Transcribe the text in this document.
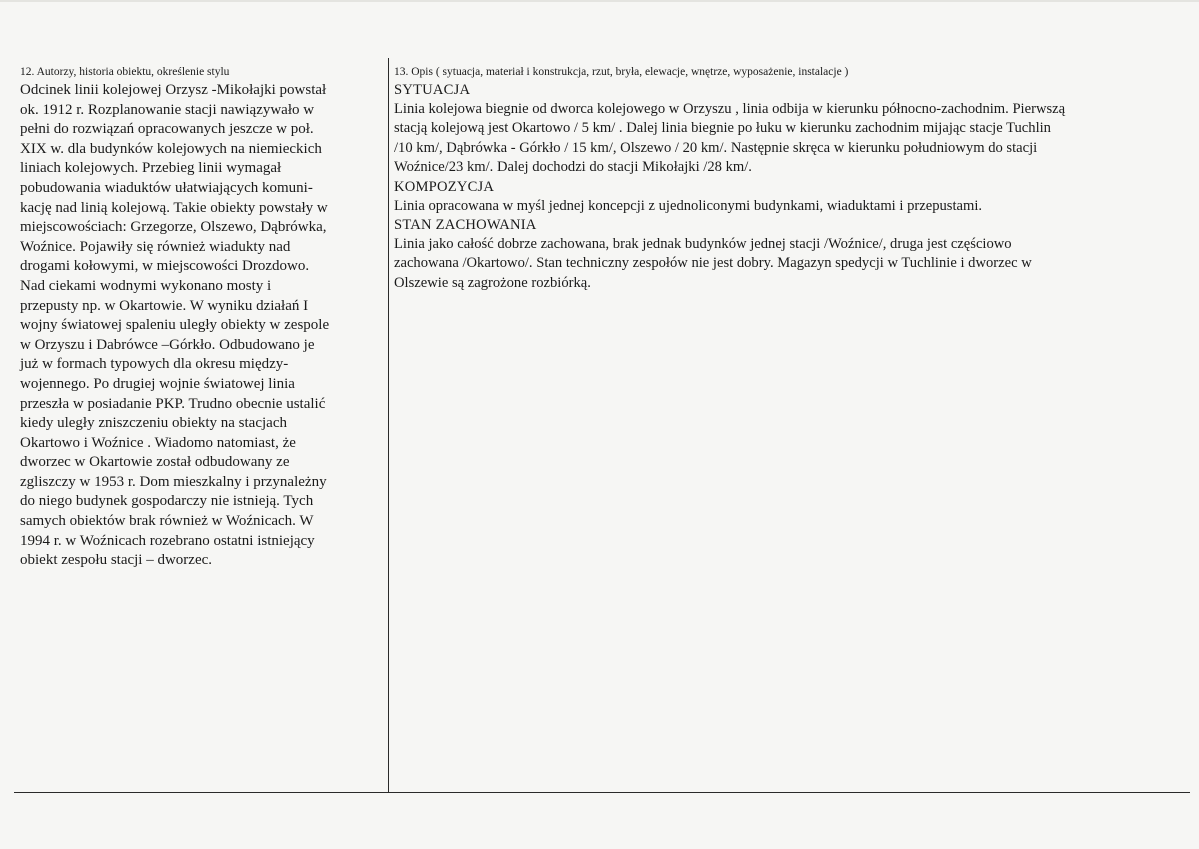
12. Autorzy, historia obiektu, określenie stylu

Odcinek linii kolejowej Orzysz -Mikołajki powstał
ok. 1912 r. Rozplanowanie stacji nawiązywało w
pełni do rozwiązań opracowanych jeszcze w poł.
XIX w. dla budynków kolejowych na niemieckich
liniach kolejowych. Przebieg linii wymagał
pobudowania wiaduktów ułatwiających komuni-
kację nad linią kolejową. Takie obiekty powstały w
miejscowościach: Grzegorze, Olszewo, Dąbrówka,
Woźnice. Pojawiły się również wiadukty nad
drogami kołowymi, w miejscowości Drozdowo.
Nad ciekami wodnymi wykonano mosty i
przepusty np. w Okartowie. W wyniku działań I
wojny światowej spaleniu uległy obiekty w zespole
w Orzyszu i Dabrówce –Górkło. Odbudowano je
już w formach typowych dla okresu między-
wojennego. Po drugiej wojnie światowej linia
przeszła w posiadanie PKP. Trudno obecnie ustalić
kiedy uległy zniszczeniu obiekty na stacjach
Okartowo i Woźnice . Wiadomo natomiast, że
dworzec w Okartowie został odbudowany ze
zgliszczy w 1953 r. Dom mieszkalny i przynależny
do niego budynek gospodarczy nie istnieją. Tych
samych obiektów brak również w Woźnicach. W
1994 r. w Woźnicach rozebrano ostatni istniejący
obiekt zespołu stacji – dworzec.

13. Opis ( sytuacja, materiał i konstrukcja, rzut, bryła, elewacje, wnętrze, wyposażenie, instalacje )

SYTUACJA

Linia kolejowa biegnie od dworca kolejowego w Orzyszu , linia odbija w kierunku północno-zachodnim. Pierwszą
stacją kolejową jest Okartowo / 5 km/ . Dalej linia biegnie po łuku w kierunku zachodnim mijając stacje Tuchlin
/10 km/, Dąbrówka - Górkło / 15 km/, Olszewo / 20 km/. Następnie skręca w kierunku południowym do stacji
Woźnice/23 km/. Dalej dochodzi do stacji Mikołajki /28 km/.

KOMPOZYCJA

Linia opracowana w myśl jednej koncepcji z ujednoliconymi budynkami, wiaduktami i przepustami.

STAN ZACHOWANIA

Linia jako całość dobrze zachowana, brak jednak budynków jednej stacji /Woźnice/, druga jest częściowo
zachowana /Okartowo/. Stan techniczny zespołów nie jest dobry. Magazyn spedycji w Tuchlinie i dworzec w
Olszewie są zagrożone rozbiórką.
